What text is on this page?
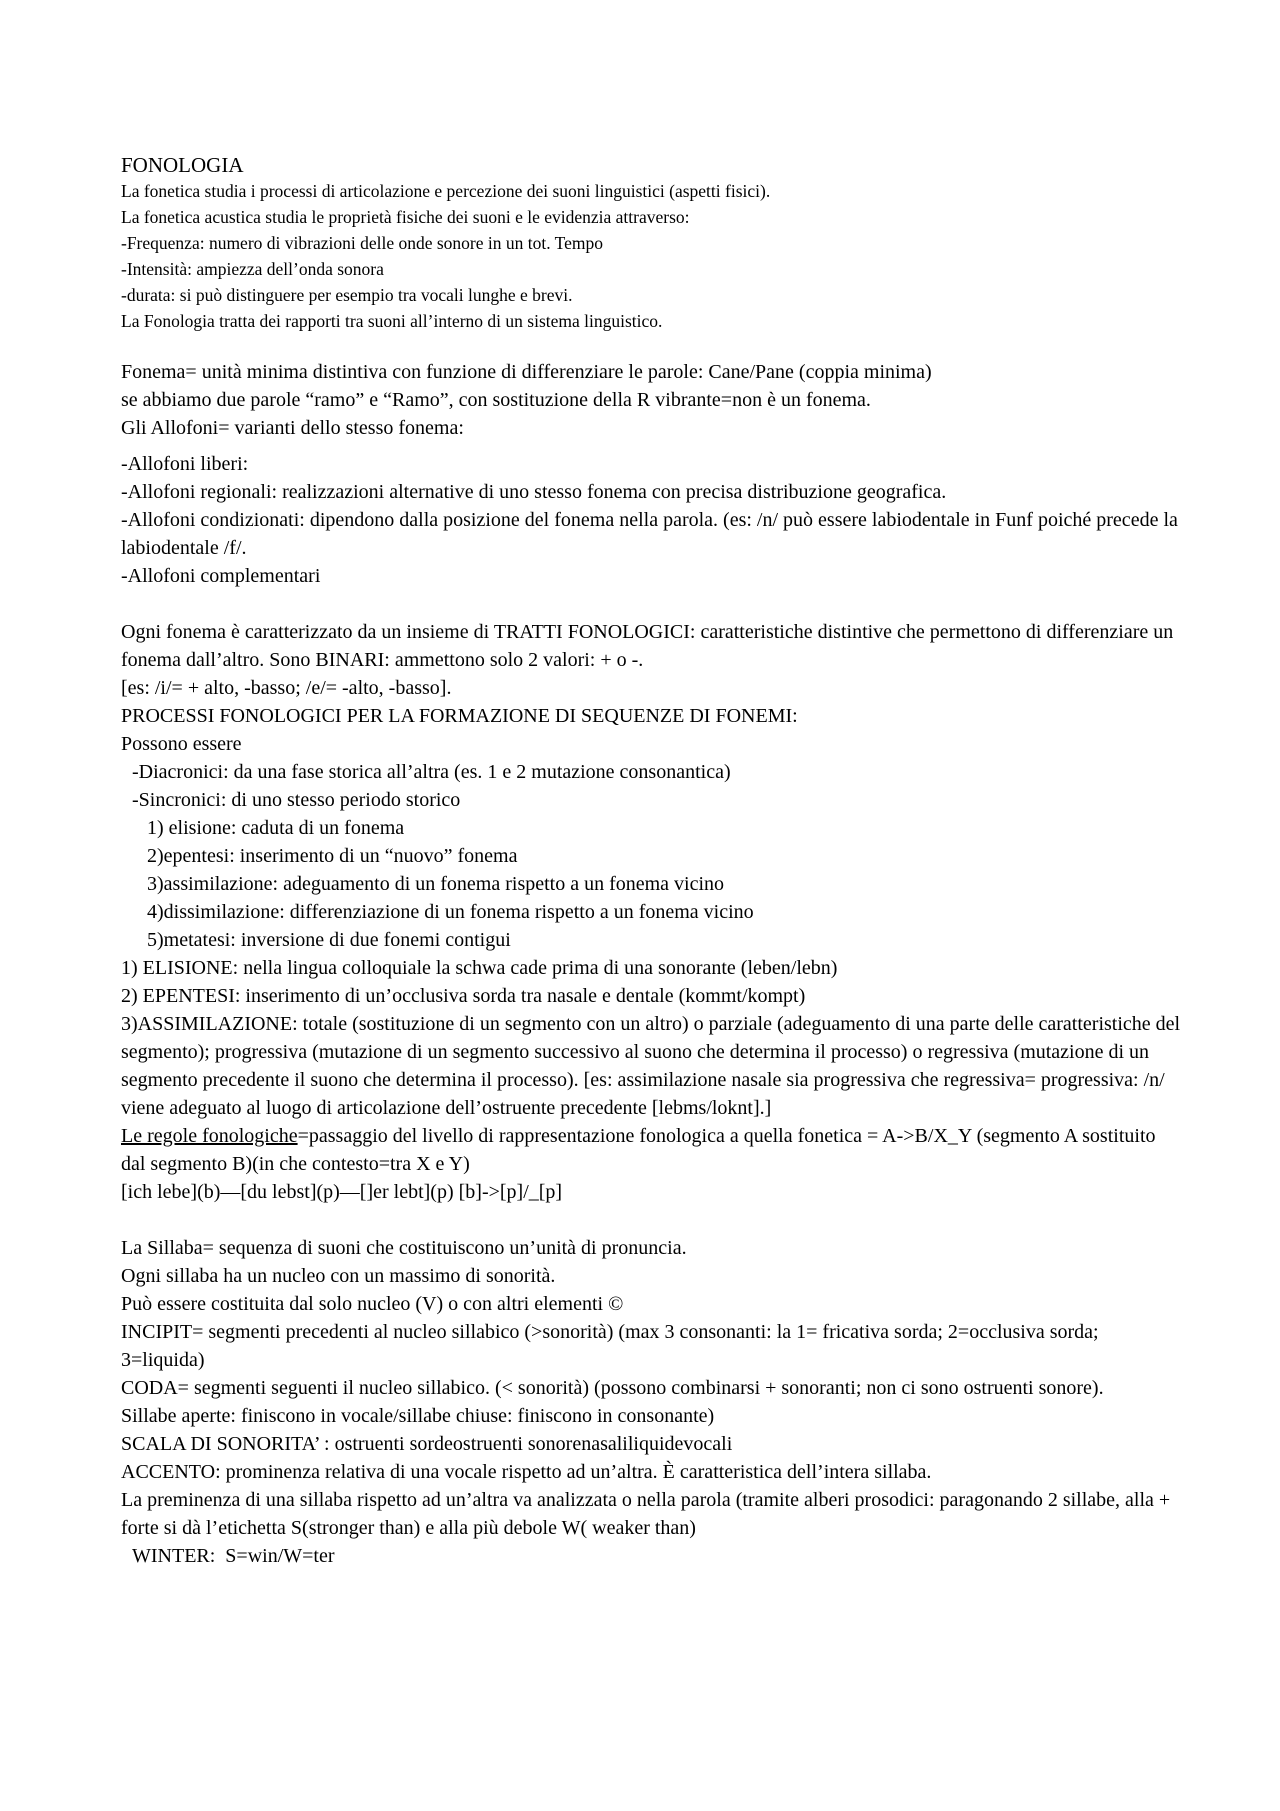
FONOLOGIA
La fonetica studia i processi di articolazione e percezione dei suoni linguistici (aspetti fisici).
La fonetica acustica studia le proprietà fisiche dei suoni e le evidenzia attraverso:
-Frequenza: numero di vibrazioni delle onde sonore in un tot. Tempo
-Intensità: ampiezza dell’onda sonora
-durata: si può distinguere per esempio tra vocali lunghe e brevi.
La Fonologia tratta dei rapporti tra suoni all’interno di un sistema linguistico.
Fonema= unità minima distintiva con funzione di differenziare le parole: Cane/Pane (coppia minima)
se abbiamo due parole “ramo” e “Ramo”, con sostituzione della R vibrante=non è un fonema.
Gli Allofoni= varianti dello stesso fonema:
-Allofoni liberi:
-Allofoni regionali: realizzazioni alternative di uno stesso fonema con precisa distribuzione geografica.
-Allofoni condizionati: dipendono dalla posizione del fonema nella parola. (es: /n/ può essere labiodentale in Funf poiché precede la labiodentale /f/.
-Allofoni complementari
Ogni fonema è caratterizzato da un insieme di TRATTI FONOLOGICI: caratteristiche distintive che permettono di differenziare un fonema dall’altro. Sono BINARI: ammettono solo 2 valori: + o -.
[es: /i/= + alto, -basso; /e/= -alto, -basso].
PROCESSI FONOLOGICI PER LA FORMAZIONE DI SEQUENZE DI FONEMI:
Possono essere
-Diacronici: da una fase storica all’altra (es. 1 e 2 mutazione consonantica)
-Sincronici: di uno stesso periodo storico
1) elisione: caduta di un fonema
2)epentesi: inserimento di un “nuovo” fonema
3)assimilazione: adeguamento di un fonema rispetto a un fonema vicino
4)dissimilazione: differenziazione di un fonema rispetto a un fonema vicino
5)metatesi: inversione di due fonemi contigui
1) ELISIONE: nella lingua colloquiale la schwa cade prima di una sonorante (leben/lebn)
2) EPENTESI: inserimento di un’occlusiva sorda tra nasale e dentale (kommt/kompt)
3)ASSIMILAZIONE: totale (sostituzione di un segmento con un altro) o parziale (adeguamento di una parte delle caratteristiche del segmento); progressiva (mutazione di un segmento successivo al suono che determina il processo) o regressiva (mutazione di un segmento precedente il suono che determina il processo). [es: assimilazione nasale sia progressiva che regressiva= progressiva: /n/ viene adeguato al luogo di articolazione dell’ostruente precedente [lebms/loknt].]
Le regole fonologiche=passaggio del livello di rappresentazione fonologica a quella fonetica = A->B/X_Y (segmento A sostituito dal segmento B)(in che contesto=tra X e Y)
[ich lebe](b)—[du lebst](p)—[]er lebt](p) [b]->[p]/_[p]
La Sillaba= sequenza di suoni che costituiscono un’unità di pronuncia.
Ogni sillaba ha un nucleo con un massimo di sonorità.
Può essere costituita dal solo nucleo (V) o con altri elementi ©
INCIPIT= segmenti precedenti al nucleo sillabico (>sonorità) (max 3 consonanti: la 1= fricativa sorda; 2=occlusiva sorda; 3=liquida)
CODA= segmenti seguenti il nucleo sillabico. (< sonorità) (possono combinarsi + sonoranti; non ci sono ostruenti sonore).
Sillabe aperte: finiscono in vocale/sillabe chiuse: finiscono in consonante)
SCALA DI SONORITA’ : ostruenti sordeostruenti sonorenasaliliquidevocali
ACCENTO: prominenza relativa di una vocale rispetto ad un’altra. È caratteristica dell’intera sillaba.
La preminenza di una sillaba rispetto ad un’altra va analizzata o nella parola (tramite alberi prosodici: paragonando 2 sillabe, alla + forte si dà l’etichetta S(stronger than) e alla più debole W( weaker than)
WINTER:  S=win/W=ter
